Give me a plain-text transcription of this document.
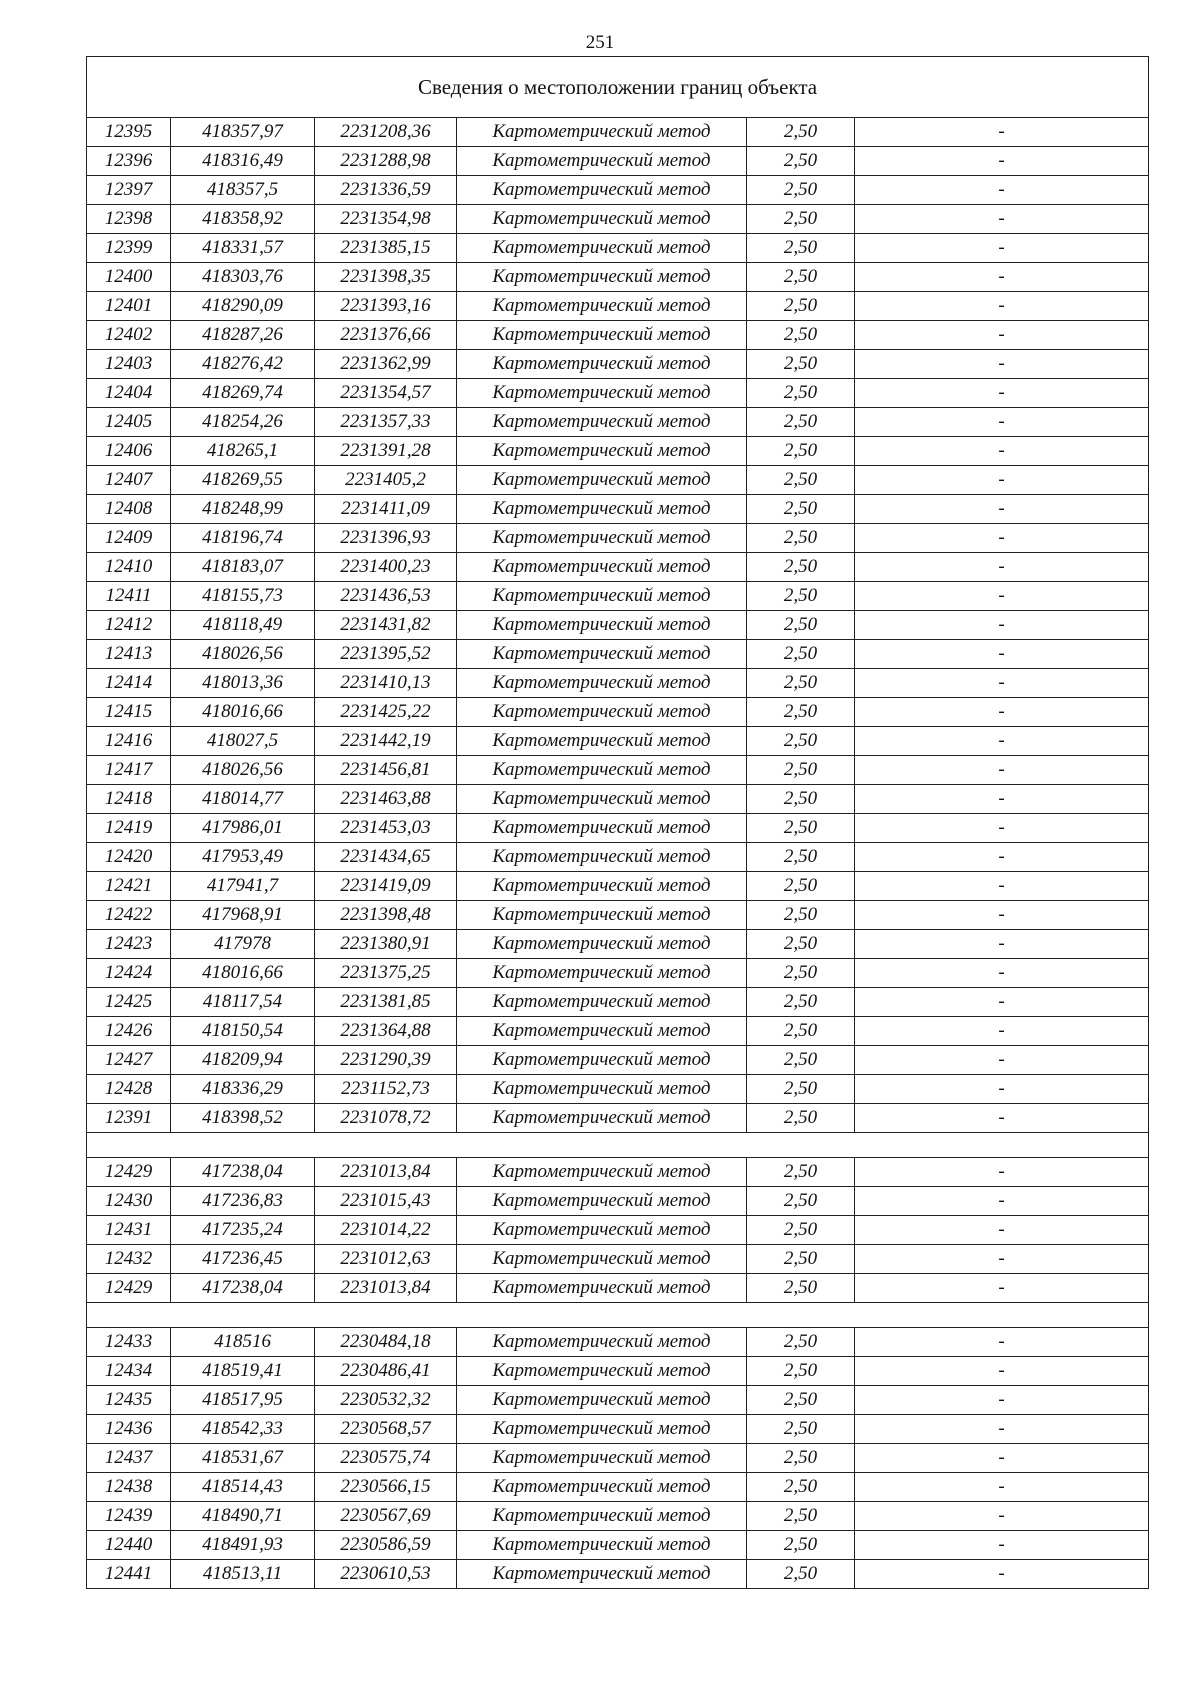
251
Сведения о местоположении границ объекта					
12395	418357,97	2231208,36	Картометрический метод	2,50	-
12396	418316,49	2231288,98	Картометрический метод	2,50	-
12397	418357,5	2231336,59	Картометрический метод	2,50	-
12398	418358,92	2231354,98	Картометрический метод	2,50	-
12399	418331,57	2231385,15	Картометрический метод	2,50	-
12400	418303,76	2231398,35	Картометрический метод	2,50	-
12401	418290,09	2231393,16	Картометрический метод	2,50	-
12402	418287,26	2231376,66	Картометрический метод	2,50	-
12403	418276,42	2231362,99	Картометрический метод	2,50	-
12404	418269,74	2231354,57	Картометрический метод	2,50	-
12405	418254,26	2231357,33	Картометрический метод	2,50	-
12406	418265,1	2231391,28	Картометрический метод	2,50	-
12407	418269,55	2231405,2	Картометрический метод	2,50	-
12408	418248,99	2231411,09	Картометрический метод	2,50	-
12409	418196,74	2231396,93	Картометрический метод	2,50	-
12410	418183,07	2231400,23	Картометрический метод	2,50	-
12411	418155,73	2231436,53	Картометрический метод	2,50	-
12412	418118,49	2231431,82	Картометрический метод	2,50	-
12413	418026,56	2231395,52	Картометрический метод	2,50	-
12414	418013,36	2231410,13	Картометрический метод	2,50	-
12415	418016,66	2231425,22	Картометрический метод	2,50	-
12416	418027,5	2231442,19	Картометрический метод	2,50	-
12417	418026,56	2231456,81	Картометрический метод	2,50	-
12418	418014,77	2231463,88	Картометрический метод	2,50	-
12419	417986,01	2231453,03	Картометрический метод	2,50	-
12420	417953,49	2231434,65	Картометрический метод	2,50	-
12421	417941,7	2231419,09	Картометрический метод	2,50	-
12422	417968,91	2231398,48	Картометрический метод	2,50	-
12423	417978	2231380,91	Картометрический метод	2,50	-
12424	418016,66	2231375,25	Картометрический метод	2,50	-
12425	418117,54	2231381,85	Картометрический метод	2,50	-
12426	418150,54	2231364,88	Картометрический метод	2,50	-
12427	418209,94	2231290,39	Картометрический метод	2,50	-
12428	418336,29	2231152,73	Картометрический метод	2,50	-
12391	418398,52	2231078,72	Картометрический метод	2,50	-

12429	417238,04	2231013,84	Картометрический метод	2,50	-
12430	417236,83	2231015,43	Картометрический метод	2,50	-
12431	417235,24	2231014,22	Картометрический метод	2,50	-
12432	417236,45	2231012,63	Картометрический метод	2,50	-
12429	417238,04	2231013,84	Картометрический метод	2,50	-

12433	418516	2230484,18	Картометрический метод	2,50	-
12434	418519,41	2230486,41	Картометрический метод	2,50	-
12435	418517,95	2230532,32	Картометрический метод	2,50	-
12436	418542,33	2230568,57	Картометрический метод	2,50	-
12437	418531,67	2230575,74	Картометрический метод	2,50	-
12438	418514,43	2230566,15	Картометрический метод	2,50	-
12439	418490,71	2230567,69	Картометрический метод	2,50	-
12440	418491,93	2230586,59	Картометрический метод	2,50	-
12441	418513,11	2230610,53	Картометрический метод	2,50	-
